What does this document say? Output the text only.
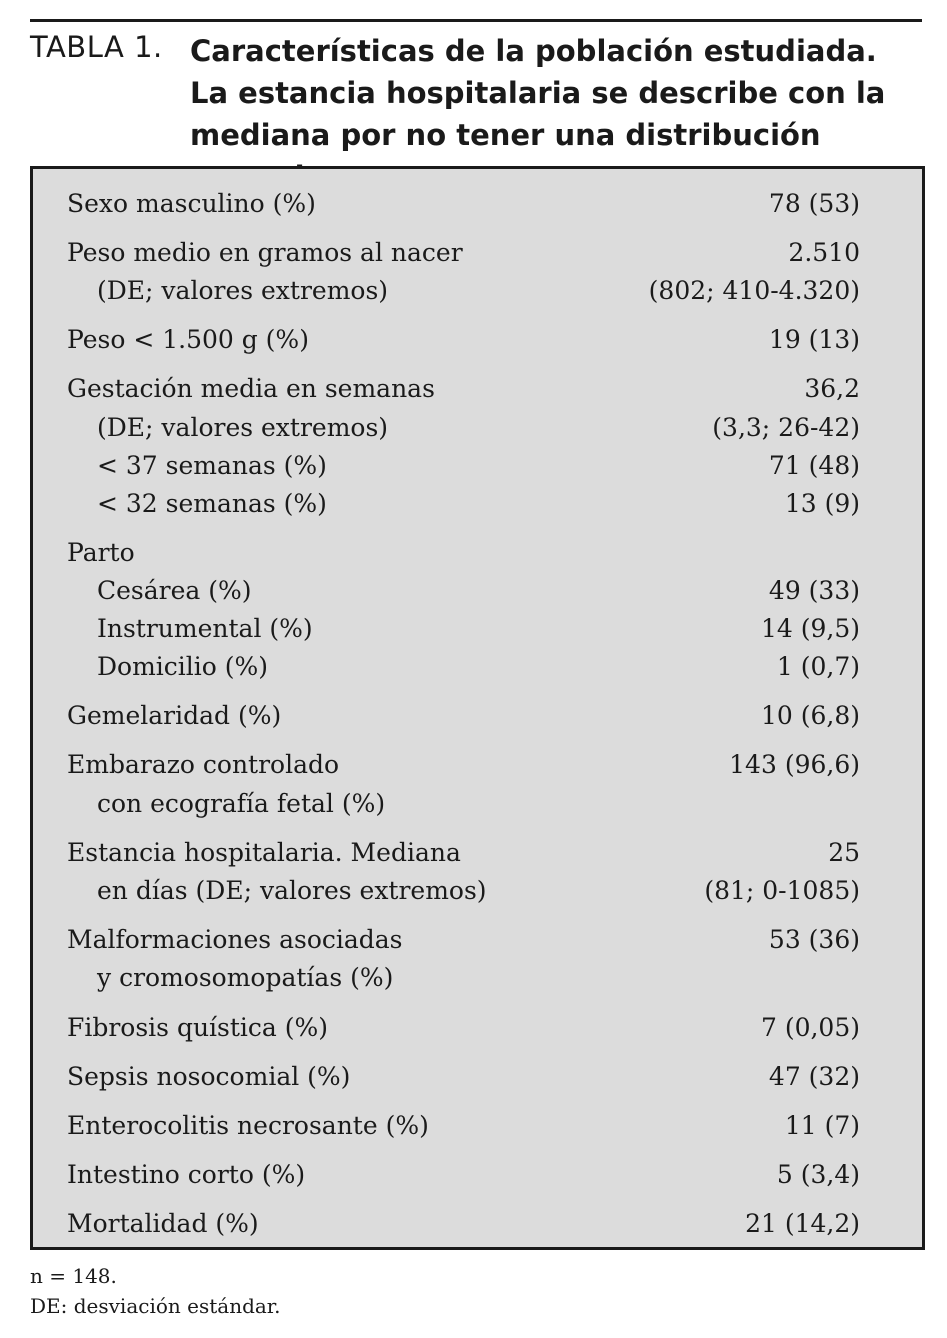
TABLA 1. Características de la población estudiada.
La estancia hospitalaria se describe con la
mediana por no tener una distribución
Sexo masculino (%)	78 (53)
Peso medio en gramos al nacer	2.510
(DE; valores extremos)	(802; 410-4.320)
Peso < 1.500 g (%)	19 (13)
Gestación media en semanas	36,2
(DE; valores extremos)	(3,3; 26-42)
< 37 semanas (%)	71 (48)
< 32 semanas (%)	13 (9)
Parto
Cesárea (%)	49 (33)
Instrumental (%)	14 (9,5)
Domicilio (%)	1 (0,7)
Gemelaridad (%)	10 (6,8)
Embarazo controlado	143 (96,6)
con ecografía fetal (%)
Estancia hospitalaria. Mediana	25
en días (DE; valores extremos)	(81; 0-1085)
Malformaciones asociadas	53 (36)
y cromosomopatías (%)
Fibrosis quística (%)	7 (0,05)
Sepsis nosocomial (%)	47 (32)
Enterocolitis necrosante (%)	11 (7)
Intestino corto (%)	5 (3,4)
Mortalidad (%)	21 (14,2)
n = 148.
DE: desviación estándar.
